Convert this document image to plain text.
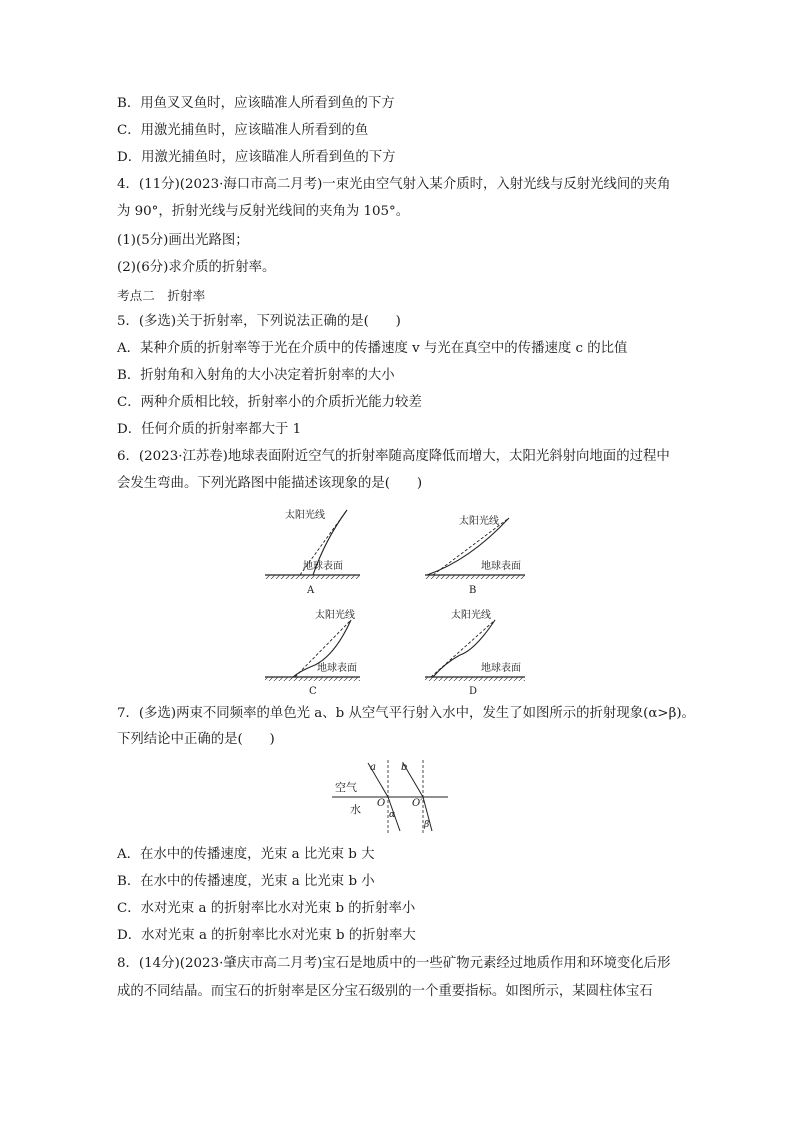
B．用鱼叉叉鱼时，应该瞄准人所看到鱼的下方
C．用激光捕鱼时，应该瞄准人所看到的鱼
D．用激光捕鱼时，应该瞄准人所看到鱼的下方
4．(11分)(2023·海口市高二月考)一束光由空气射入某介质时，入射光线与反射光线间的夹角
为 90°，折射光线与反射光线间的夹角为 105°。
(1)(5分)画出光路图；
(2)(6分)求介质的折射率。
考点二　折射率
5．(多选)关于折射率，下列说法正确的是(　　)
A．某种介质的折射率等于光在介质中的传播速度 v 与光在真空中的传播速度 c 的比值
B．折射角和入射角的大小决定着折射率的大小
C．两种介质相比较，折射率小的介质折光能力较差
D．任何介质的折射率都大于 1
6．(2023·江苏卷)地球表面附近空气的折射率随高度降低而增大，太阳光斜射向地面的过程中
会发生弯曲。下列光路图中能描述该现象的是(　　)
太阳光线
地球表面
A
太阳光线
地球表面
B
太阳光线
地球表面
C
太阳光线
地球表面
D
7．(多选)两束不同频率的单色光 a、b 从空气平行射入水中，发生了如图所示的折射现象(α>β)。
下列结论中正确的是(　　)
a	b
空气
水 O	O′
α
β
A．在水中的传播速度，光束 a 比光束 b 大
B．在水中的传播速度，光束 a 比光束 b 小
C．水对光束 a 的折射率比水对光束 b 的折射率小
D．水对光束 a 的折射率比水对光束 b 的折射率大
8．(14分)(2023·肇庆市高二月考)宝石是地质中的一些矿物元素经过地质作用和环境变化后形
成的不同结晶。而宝石的折射率是区分宝石级别的一个重要指标。如图所示，某圆柱体宝石
